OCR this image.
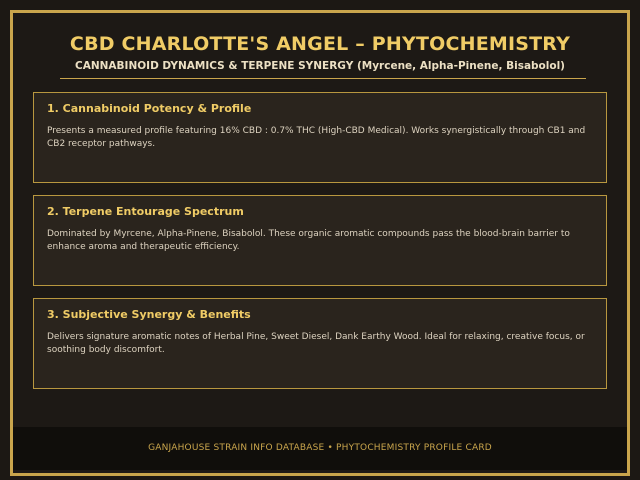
CBD CHARLOTTE'S ANGEL – PHYTOCHEMISTRY
CANNABINOID DYNAMICS & TERPENE SYNERGY (Myrcene, Alpha-Pinene, Bisabolol)
1. Cannabinoid Potency & Profile
Presents a measured profile featuring 16% CBD : 0.7% THC (High-CBD Medical). Works synergistically through CB1 and CB2 receptor pathways.
2. Terpene Entourage Spectrum
Dominated by Myrcene, Alpha-Pinene, Bisabolol. These organic aromatic compounds pass the blood-brain barrier to enhance aroma and therapeutic efficiency.
3. Subjective Synergy & Benefits
Delivers signature aromatic notes of Herbal Pine, Sweet Diesel, Dank Earthy Wood. Ideal for relaxing, creative focus, or soothing body discomfort.
GANJAHOUSE STRAIN INFO DATABASE • PHYTOCHEMISTRY PROFILE CARD
